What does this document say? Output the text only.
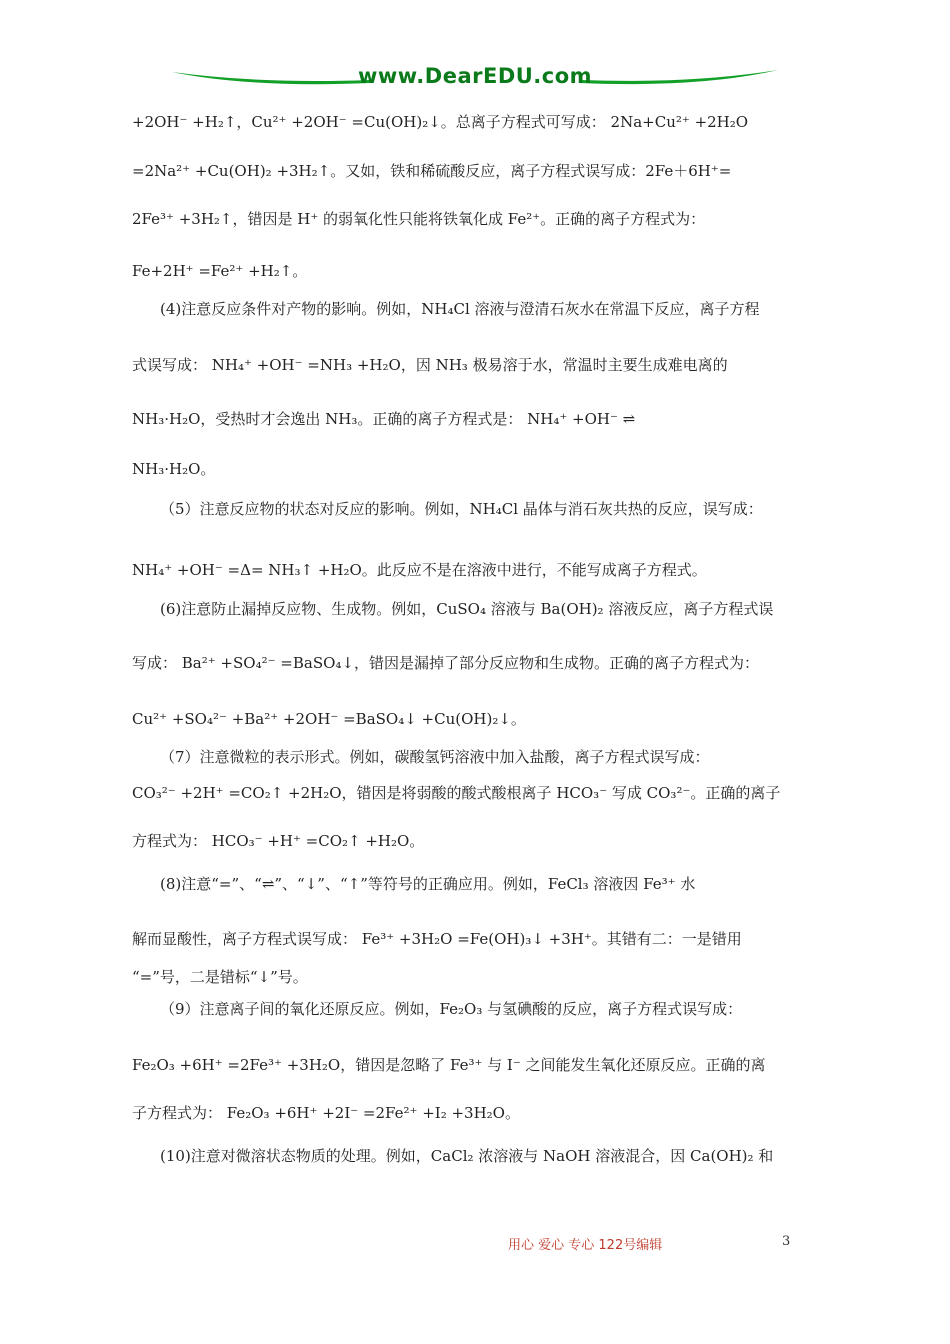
www.DearEDU.com
+2OH⁻ +H₂↑，Cu²⁺ +2OH⁻ =Cu(OH)₂↓。总离子方程式可写成： 2Na+Cu²⁺ +2H₂O
=2Na²⁺ +Cu(OH)₂ +3H₂↑。又如，铁和稀硫酸反应，离子方程式误写成：2Fe＋6H⁺=
2Fe³⁺ +3H₂↑，错因是 H⁺ 的弱氧化性只能将铁氧化成 Fe²⁺。正确的离子方程式为：
Fe+2H⁺ =Fe²⁺ +H₂↑。
(4)注意反应条件对产物的影响。例如，NH₄Cl 溶液与澄清石灰水在常温下反应，离子方程
式误写成： NH₄⁺ +OH⁻ =NH₃ +H₂O，因 NH₃ 极易溶于水，常温时主要生成难电离的
NH₃·H₂O，受热时才会逸出 NH₃。正确的离子方程式是： NH₄⁺ +OH⁻ ⇌
NH₃·H₂O。
（5）注意反应物的状态对反应的影响。例如，NH₄Cl 晶体与消石灰共热的反应，误写成：
NH₄⁺ +OH⁻ =Δ= NH₃↑ +H₂O。此反应不是在溶液中进行，不能写成离子方程式。
(6)注意防止漏掉反应物、生成物。例如，CuSO₄ 溶液与 Ba(OH)₂ 溶液反应，离子方程式误
写成： Ba²⁺ +SO₄²⁻ =BaSO₄↓，错因是漏掉了部分反应物和生成物。正确的离子方程式为：
Cu²⁺ +SO₄²⁻ +Ba²⁺ +2OH⁻ =BaSO₄↓ +Cu(OH)₂↓。
（7）注意微粒的表示形式。例如，碳酸氢钙溶液中加入盐酸，离子方程式误写成：
CO₃²⁻ +2H⁺ =CO₂↑ +2H₂O，错因是将弱酸的酸式酸根离子 HCO₃⁻ 写成 CO₃²⁻。正确的离子
方程式为： HCO₃⁻ +H⁺ =CO₂↑ +H₂O。
(8)注意“=”、“⇌”、“↓”、“↑”等符号的正确应用。例如，FeCl₃ 溶液因 Fe³⁺ 水
解而显酸性，离子方程式误写成： Fe³⁺ +3H₂O =Fe(OH)₃↓ +3H⁺。其错有二：一是错用
“=”号，二是错标“↓”号。
（9）注意离子间的氧化还原反应。例如，Fe₂O₃ 与氢碘酸的反应，离子方程式误写成：
Fe₂O₃ +6H⁺ =2Fe³⁺ +3H₂O，错因是忽略了 Fe³⁺ 与 I⁻ 之间能发生氧化还原反应。正确的离
子方程式为： Fe₂O₃ +6H⁺ +2I⁻ =2Fe²⁺ +I₂ +3H₂O。
(10)注意对微溶状态物质的处理。例如，CaCl₂ 浓溶液与 NaOH 溶液混合，因 Ca(OH)₂ 和
用心 爱心 专心 122号编辑	3
